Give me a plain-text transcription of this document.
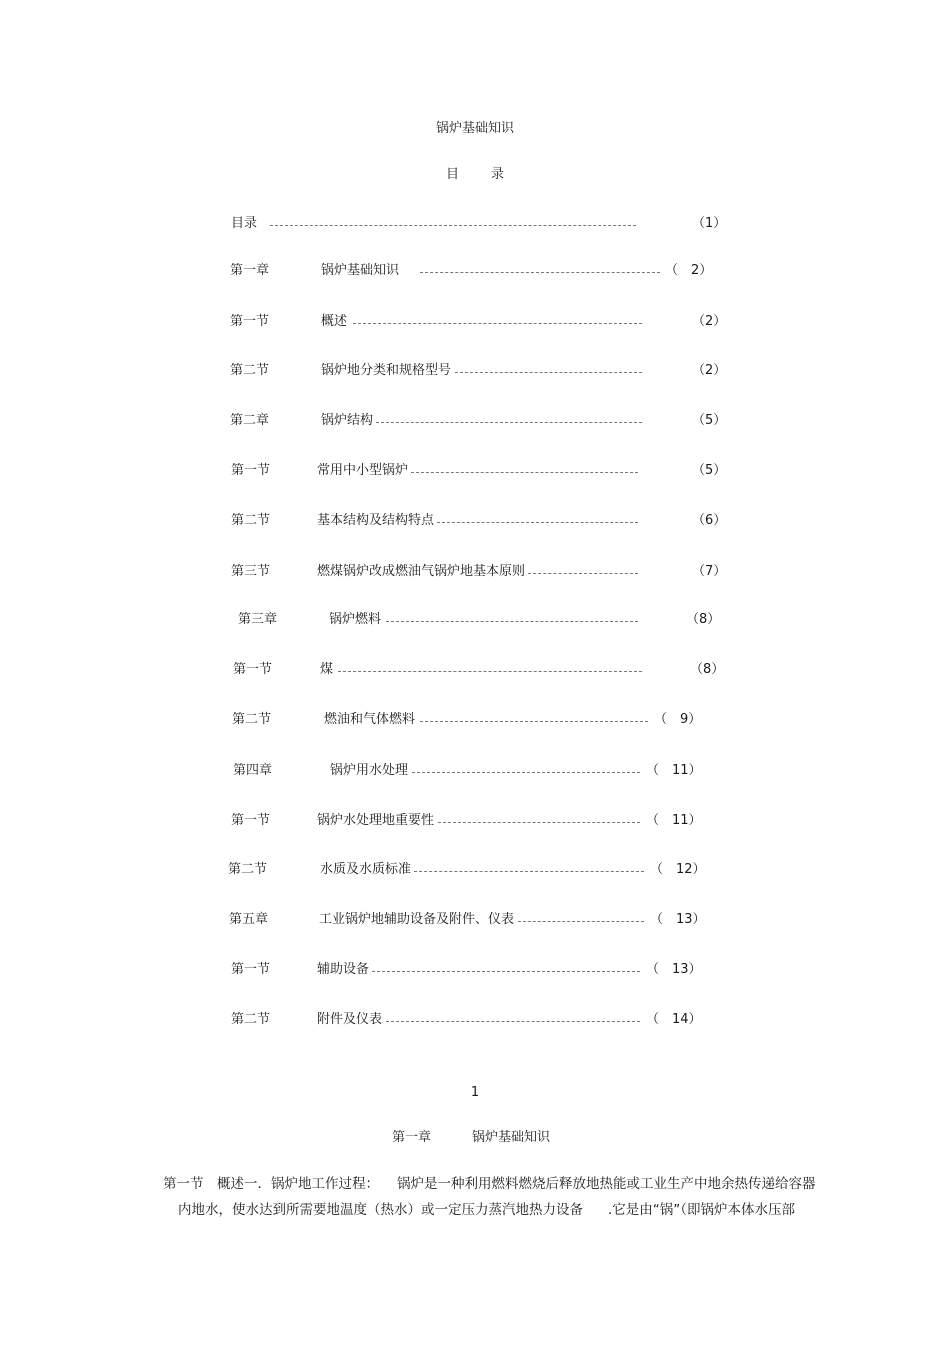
锅炉基础知识
目 录
目录	（1）
第一章	锅炉基础知识	（　2）
第一节	概述	（2）
第二节	锅炉地分类和规格型号	（2）
第二章	锅炉结构	（5）
第一节	常用中小型锅炉	（5）
第二节	基本结构及结构特点	（6）
第三节	燃煤锅炉改成燃油气锅炉地基本原则	（7）
第三章	锅炉燃料	（8）
第一节	煤	（8）
第二节	燃油和气体燃料	（　9）
第四章	锅炉用水处理	（　11）
第一节	锅炉水处理地重要性	（　11）
第二节	水质及水质标准	（　12）
第五章	工业锅炉地辅助设备及附件、仪表	（　13）
第一节	辅助设备	（　13）
第二节	附件及仪表	（　14）
1
第一章	锅炉基础知识
第一节　概述一．锅炉地工作过程： 锅炉是一种利用燃料燃烧后释放地热能或工业生产中地余热传递给容器
内地水，使水达到所需要地温度（热水）或一定压力蒸汽地热力设备 .它是由“锅”（即锅炉本体水压部
